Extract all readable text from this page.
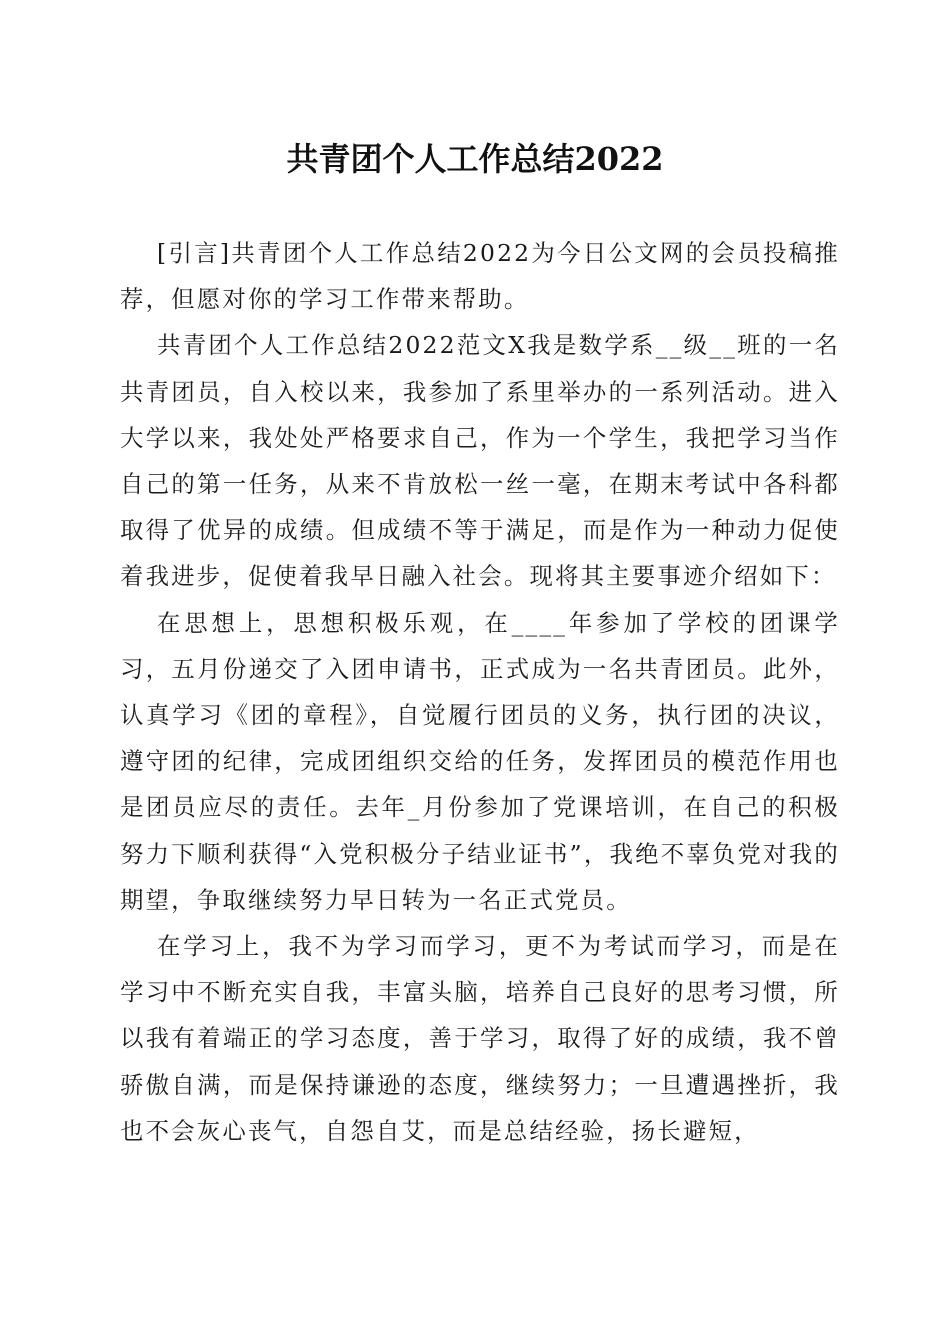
共青团个人工作总结2022

[引言]共青团个人工作总结2022为今日公文网的会员投稿推荐，但愿对你的学习工作带来帮助。

共青团个人工作总结2022范文X我是数学系__级__班的一名共青团员，自入校以来，我参加了系里举办的一系列活动。进入大学以来，我处处严格要求自己，作为一个学生，我把学习当作自己的第一任务，从来不肯放松一丝一毫，在期末考试中各科都取得了优异的成绩。但成绩不等于满足，而是作为一种动力促使着我进步，促使着我早日融入社会。现将其主要事迹介绍如下：

在思想上，思想积极乐观，在____年参加了学校的团课学习，五月份递交了入团申请书，正式成为一名共青团员。此外，认真学习《团的章程》，自觉履行团员的义务，执行团的决议，遵守团的纪律，完成团组织交给的任务，发挥团员的模范作用也是团员应尽的责任。去年_月份参加了党课培训，在自己的积极努力下顺利获得“入党积极分子结业证书”，我绝不辜负党对我的期望，争取继续努力早日转为一名正式党员。

在学习上，我不为学习而学习，更不为考试而学习，而是在学习中不断充实自我，丰富头脑，培养自己良好的思考习惯，所以我有着端正的学习态度，善于学习，取得了好的成绩，我不曾骄傲自满，而是保持谦逊的态度，继续努力；一旦遭遇挫折，我也不会灰心丧气，自怨自艾，而是总结经验，扬长避短，
